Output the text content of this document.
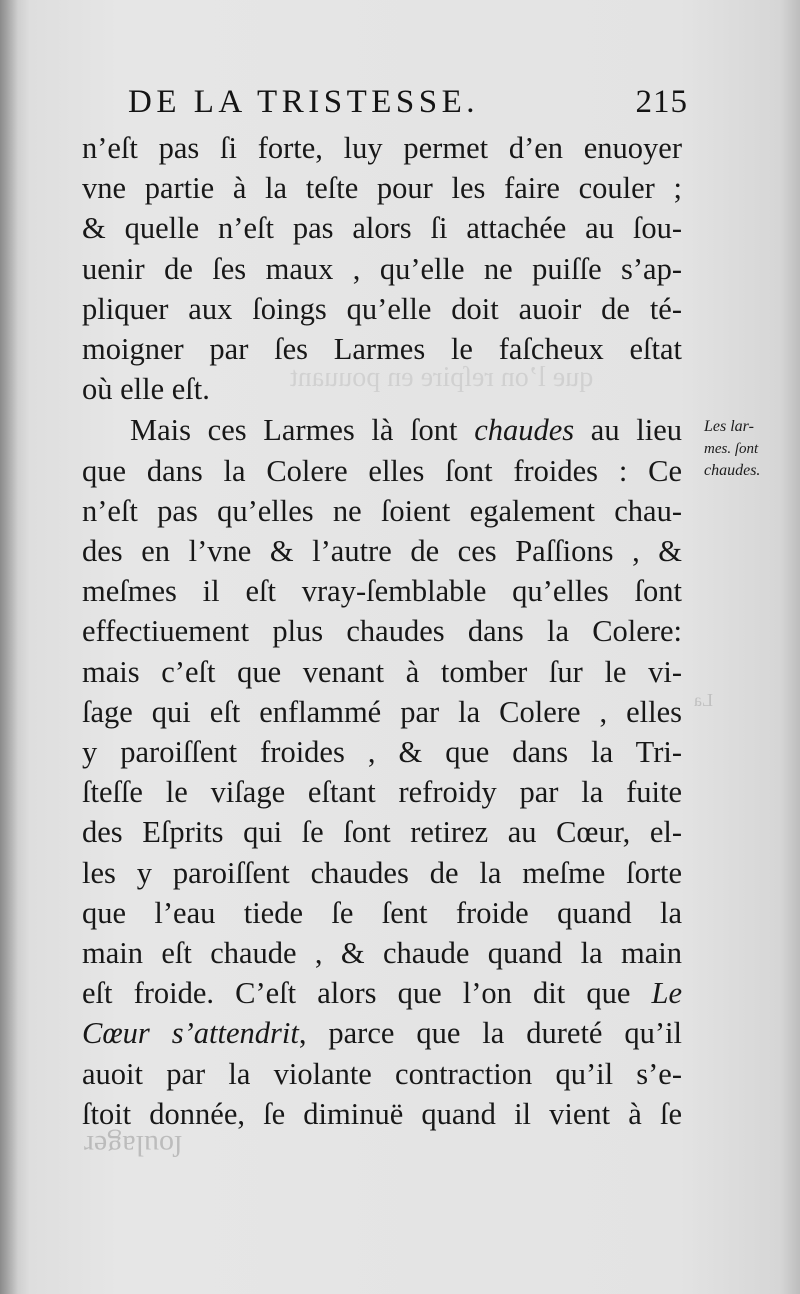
que l’on reſpire en pouuant
La
DE LA TRISTESSE.	215
n’eſt pas ſi forte, luy permet d’en enuoyer
vne partie à la teſte pour les faire couler ;
& quelle n’eſt pas alors ſi attachée au ſou-
uenir de ſes maux , qu’elle ne puiſſe s’ap-
pliquer aux ſoings qu’elle doit auoir de té-
moigner par ſes Larmes le faſcheux eſtat
où elle eſt.
Mais ces Larmes là ſont chaudes au lieu
que dans la Colere elles ſont froides : Ce
n’eſt pas qu’elles ne ſoient egalement chau-
des en l’vne & l’autre de ces Paſſions , &
meſmes il eſt vray-ſemblable qu’elles ſont
effectiuement plus chaudes dans la Colere:
mais c’eſt que venant à tomber ſur le vi-
ſage qui eſt enflammé par la Colere , elles
y paroiſſent froides , & que dans la Tri-
ſteſſe le viſage eſtant refroidy par la fuite
des Eſprits qui ſe ſont retirez au Cœur, el-
les y paroiſſent chaudes de la meſme ſorte
que l’eau tiede ſe ſent froide quand la
main eſt chaude , & chaude quand la main
eſt froide. C’eſt alors que l’on dit que Le
Cœur s’attendrit, parce que la dureté qu’il
auoit par la violante contraction qu’il s’e-
ſtoit donnée, ſe diminuë quand il vient à ſe
Les lar-
mes. ſont
chaudes.
ſoulager
